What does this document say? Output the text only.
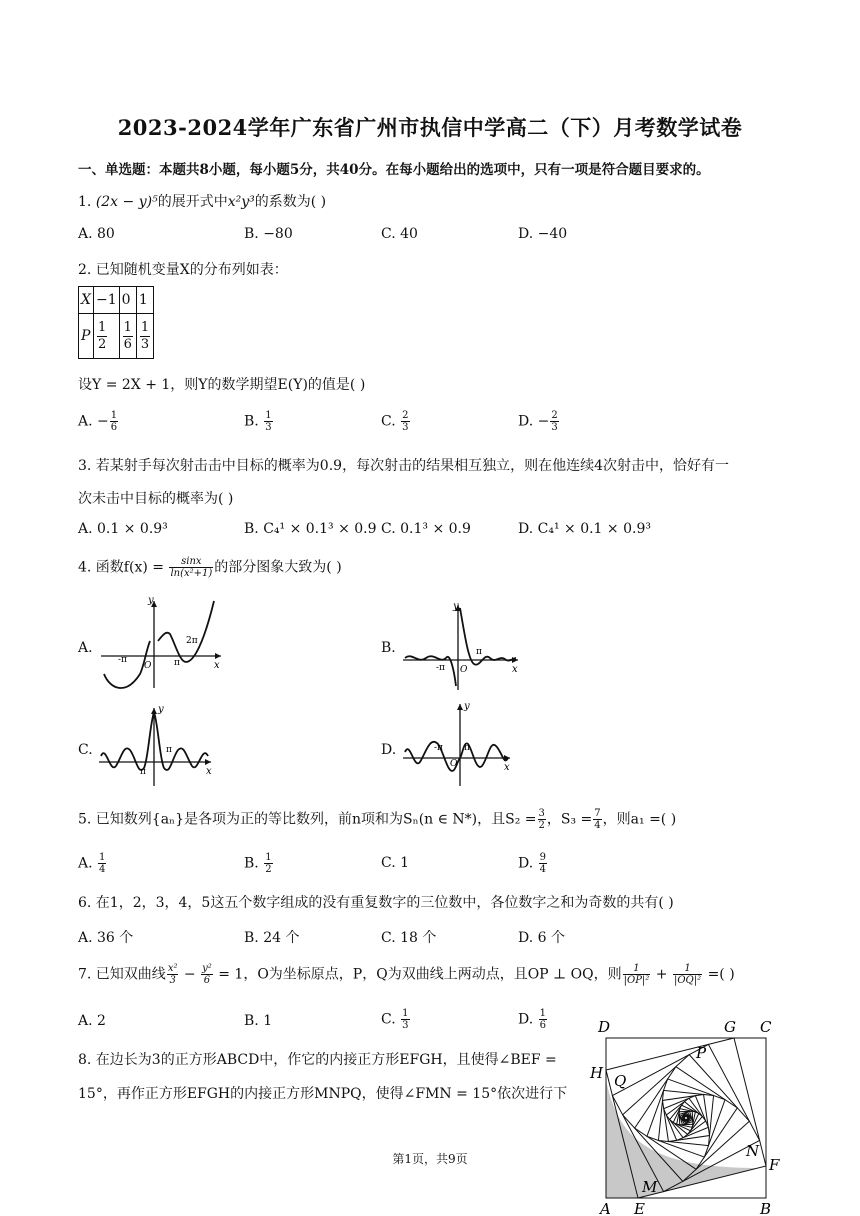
2023-2024学年广东省广州市执信中学高二（下）月考数学试卷
一、单选题：本题共8小题，每小题5分，共40分。在每小题给出的选项中，只有一项是符合题目要求的。
1. (2x − y)⁵的展开式中x²y³的系数为( )
A. 80	B. −80	C. 40	D. −40
2. 已知随机变量X的分布列如表：
X	−1	0	1
P	$\frac{1}{2}$	$\frac{1}{6}$	$\frac{1}{3}$
设Y = 2X + 1，则Y的数学期望E(Y)的值是( )
A. − $\frac{1}{6}$	B. $\frac{1}{3}$	C. $\frac{2}{3}$	D. − $\frac{2}{3}$
3. 若某射手每次射击击中目标的概率为0.9，每次射击的结果相互独立，则在他连续4次射击中，恰好有一
次未击中目标的概率为( )
A. 0.1 × 0.9³	B. C₄¹ × 0.1³ × 0.9 C. 0.1³ × 0.9	D. C₄¹ × 0.1 × 0.9³
4. 函数$f(x) = \frac{\sin x}{\text{ln(x²+1)}}$ 的部分图象大致为( )
A.
y
x
-π
O	π
2π	B.
y
x
-π O
π
C.
y
x
π
π	D.
y
x
-π π
O
5. 已知数列{aₙ}是各项为正的等比数列，前n项和为Sₙ(n ∈ N*)，且$S_2 = \frac{3}{2}$ ，$S_3 = \frac{7}{4}$ ，则a₁ =( )
A. $\frac{1}{4}$	B. $\frac{1}{2}$	C. 1	D. $\frac{9}{4}$
6. 在1，2，3，4，5这五个数字组成的没有重复数字的三位数中，各位数字之和为奇数的共有( )
A. 36 个	B. 24 个	C. 18 个	D. 6 个
7. 已知双曲线 $\frac{\text{x²}}{3} - \frac{\text{y²}}{6} = 1$，O为坐标原点，P，Q为双曲线上两动点，且OP ⊥ OQ，则 $\frac{1}{\text{|OP|²}} + \frac{1}{\text{|OQ|²}}$ =( )
A. 2	B. 1	C. $\frac{1}{3}$	D. $\frac{1}{6}$
8. 在边长为3的正方形ABCD中，作它的内接正方形EFGH，且使得∠BEF =
15°，再作正方形EFGH的内接正方形MNPQ，使得∠FMN = 15°依次进行下
D	G C
H
P
Q
N
F
M
A E	B
第1页，共9页
